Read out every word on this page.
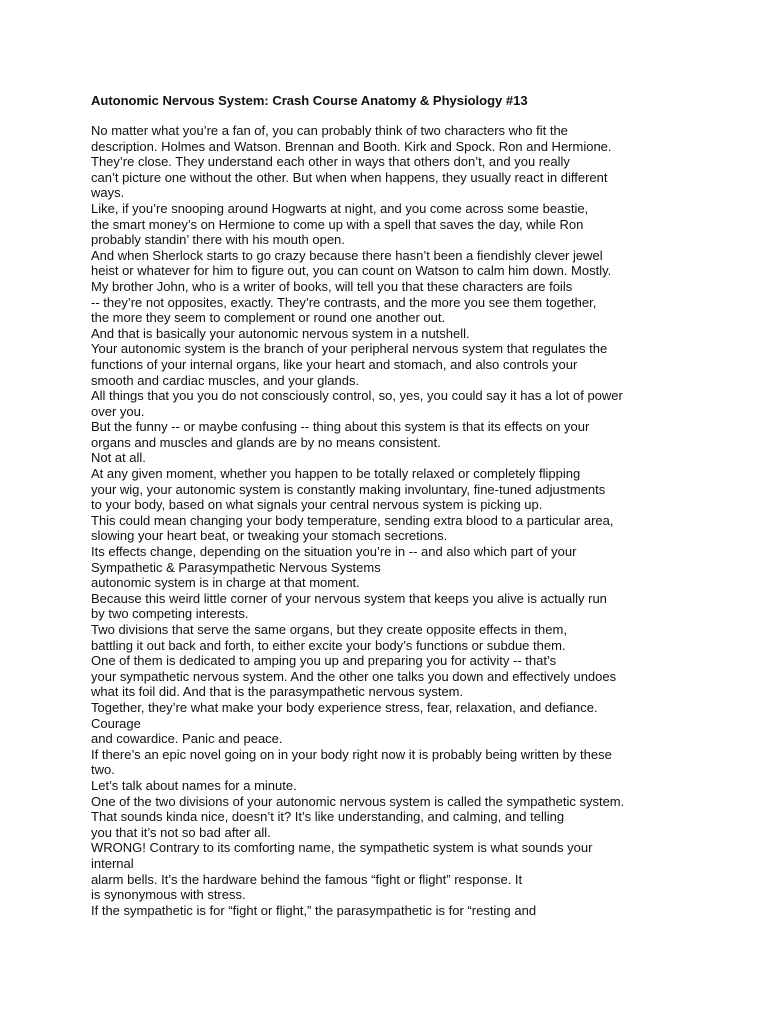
Autonomic Nervous System: Crash Course Anatomy & Physiology #13
No matter what you’re a fan of, you can probably think of two characters who fit the
description. Holmes and Watson. Brennan and Booth. Kirk and Spock. Ron and Hermione.
They’re close. They understand each other in ways that others don’t, and you really
can’t picture one without the other. But when when happens, they usually react in different
ways.
Like, if you’re snooping around Hogwarts at night, and you come across some beastie,
the smart money’s on Hermione to come up with a spell that saves the day, while Ron
probably standin’ there with his mouth open.
And when Sherlock starts to go crazy because there hasn’t been a fiendishly clever jewel
heist or whatever for him to figure out, you can count on Watson to calm him down. Mostly.
My brother John, who is a writer of books, will tell you that these characters are foils
-- they’re not opposites, exactly. They’re contrasts, and the more you see them together,
the more they seem to complement or round one another out.
And that is basically your autonomic nervous system in a nutshell.
Your autonomic system is the branch of your peripheral nervous system that regulates the
functions of your internal organs, like your heart and stomach, and also controls your
smooth and cardiac muscles, and your glands.
All things that you you do not consciously control, so, yes, you could say it has a lot of power
over you.
But the funny -- or maybe confusing -- thing about this system is that its effects on your
organs and muscles and glands are by no means consistent.
Not at all.
At any given moment, whether you happen to be totally relaxed or completely flipping
your wig, your autonomic system is constantly making involuntary, fine-tuned adjustments
to your body, based on what signals your central nervous system is picking up.
This could mean changing your body temperature, sending extra blood to a particular area,
slowing your heart beat, or tweaking your stomach secretions.
Its effects change, depending on the situation you’re in -- and also which part of your
Sympathetic & Parasympathetic Nervous Systems
autonomic system is in charge at that moment.
Because this weird little corner of your nervous system that keeps you alive is actually run
by two competing interests.
Two divisions that serve the same organs, but they create opposite effects in them,
battling it out back and forth, to either excite your body’s functions or subdue them.
One of them is dedicated to amping you up and preparing you for activity -- that’s
your sympathetic nervous system. And the other one talks you down and effectively undoes
what its foil did. And that is the parasympathetic nervous system.
Together, they’re what make your body experience stress, fear, relaxation, and defiance.
Courage
and cowardice. Panic and peace.
If there’s an epic novel going on in your body right now it is probably being written by these
two.
Let’s talk about names for a minute.
One of the two divisions of your autonomic nervous system is called the sympathetic system.
That sounds kinda nice, doesn’t it? It’s like understanding, and calming, and telling
you that it’s not so bad after all.
WRONG! Contrary to its comforting name, the sympathetic system is what sounds your
internal
alarm bells. It’s the hardware behind the famous “fight or flight” response. It
is synonymous with stress.
If the sympathetic is for “fight or flight,” the parasympathetic is for “resting and
